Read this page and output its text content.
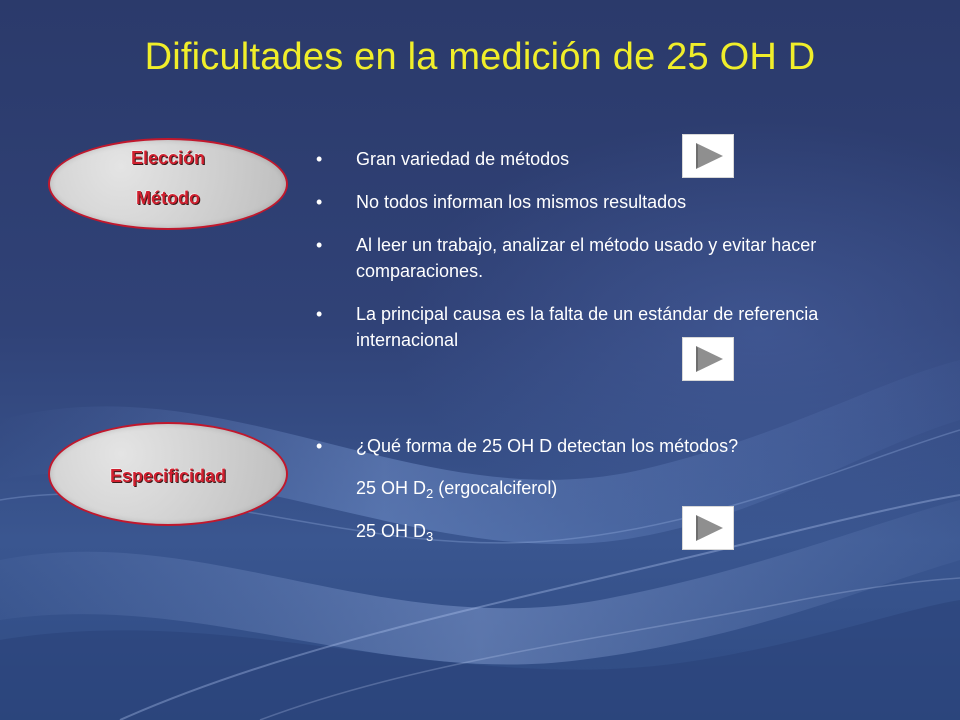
Dificultades en la medición de 25 OH D
Elección
Método
Especificidad
• Gran variedad de métodos
• No todos informan los mismos resultados
• Al leer un trabajo, analizar el método usado y evitar hacer comparaciones.
• La principal causa es la falta de un estándar de referencia internacional
• ¿Qué forma de 25 OH D detectan los métodos?
25 OH $D_2$ (ergocalciferol)
25 OH $D_3$
